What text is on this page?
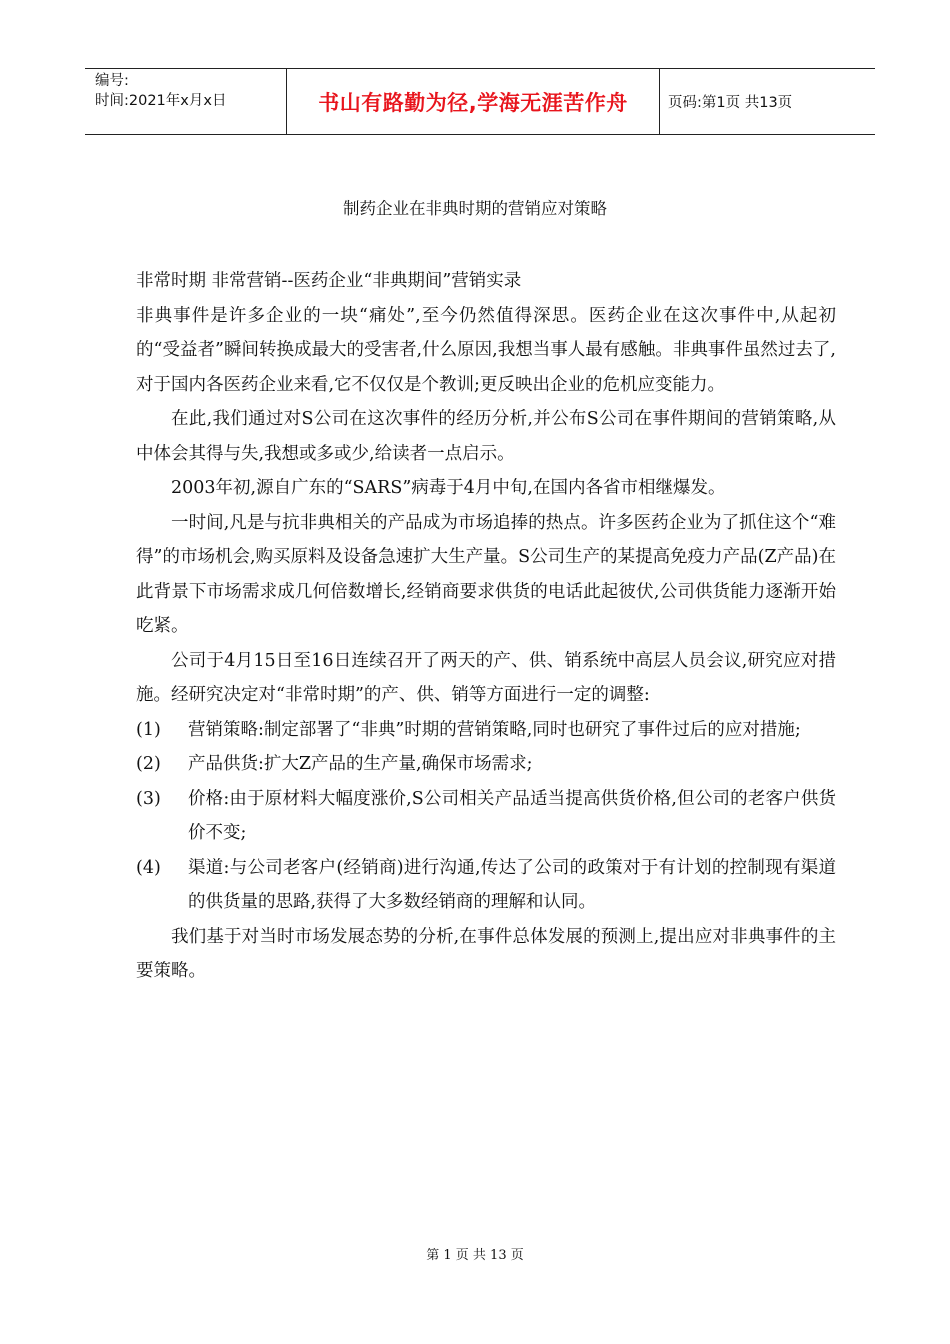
编号:
时间:2021年x月x日	书山有路勤为径,学海无涯苦作舟	页码:第1页 共13页
制药企业在非典时期的营销应对策略

非常时期 非常营销--医药企业“非典期间”营销实录

非典事件是许多企业的一块“痛处”,至今仍然值得深思。医药企业在这次事件中,从起初的“受益者”瞬间转换成最大的受害者,什么原因,我想当事人最有感触。非典事件虽然过去了,对于国内各医药企业来看,它不仅仅是个教训;更反映出企业的危机应变能力。

在此,我们通过对S公司在这次事件的经历分析,并公布S公司在事件期间的营销策略,从中体会其得与失,我想或多或少,给读者一点启示。

2003年初,源自广东的“SARS”病毒于4月中旬,在国内各省市相继爆发。

一时间,凡是与抗非典相关的产品成为市场追捧的热点。许多医药企业为了抓住这个“难得”的市场机会,购买原料及设备急速扩大生产量。S公司生产的某提高免疫力产品(Z产品)在此背景下市场需求成几何倍数增长,经销商要求供货的电话此起彼伏,公司供货能力逐渐开始吃紧。

公司于4月15日至16日连续召开了两天的产、供、销系统中高层人员会议,研究应对措施。经研究决定对“非常时期”的产、供、销等方面进行一定的调整:

(1)	营销策略:制定部署了“非典”时期的营销策略,同时也研究了事件过后的应对措施;
(2)	产品供货:扩大Z产品的生产量,确保市场需求;
(3)	价格:由于原材料大幅度涨价,S公司相关产品适当提高供货价格,但公司的老客户供货价不变;
(4)	渠道:与公司老客户(经销商)进行沟通,传达了公司的政策对于有计划的控制现有渠道的供货量的思路,获得了大多数经销商的理解和认同。

我们基于对当时市场发展态势的分析,在事件总体发展的预测上,提出应对非典事件的主要策略。

第 1 页 共 13 页
